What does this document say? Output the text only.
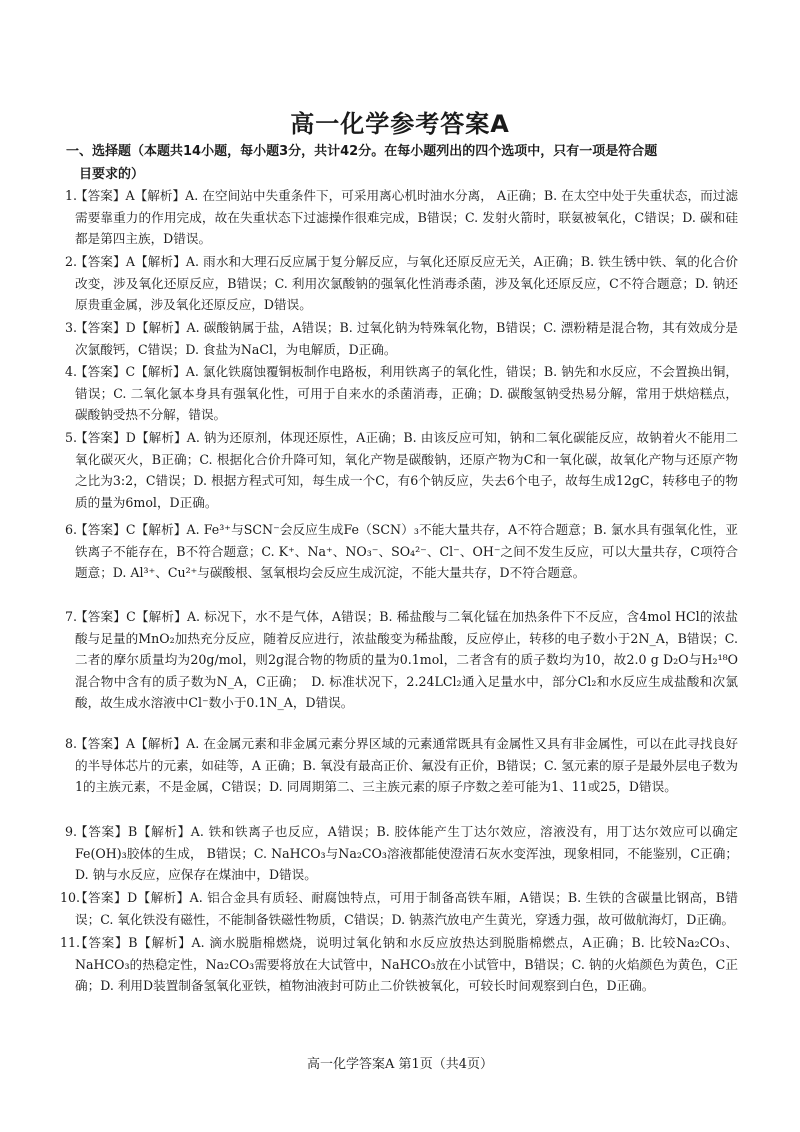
高一化学参考答案A
一、选择题（本题共14小题，每小题3分，共计42分。在每小题列出的四个选项中，只有一项是符合题
目要求的）
1.
【答案】A【解析】A. 在空间站中失重条件下，可采用离心机时油水分离， A正确；B. 在太空中处于失重状态，而过滤需要靠重力的作用完成，故在失重状态下过滤操作很难完成，B错误；C. 发射火箭时，联氨被氧化，C错误；D. 碳和硅都是第四主族，D错误。
2.
【答案】A【解析】A. 雨水和大理石反应属于复分解反应，与氧化还原反应无关，A正确；B. 铁生锈中铁、氧的化合价改变，涉及氧化还原反应，B错误；C. 利用次氯酸钠的强氧化性消毒杀菌，涉及氧化还原反应，C不符合题意；D. 钠还原贵重金属，涉及氧化还原反应，D错误。
3.
【答案】D【解析】A. 碳酸钠属于盐，A错误；B. 过氧化钠为特殊氧化物，B错误；C. 漂粉精是混合物，其有效成分是次氯酸钙，C错误；D. 食盐为NaCl，为电解质，D正确。
4.
【答案】C【解析】A. 氯化铁腐蚀覆铜板制作电路板，利用铁离子的氧化性，错误；B. 钠先和水反应，不会置换出铜，错误；C. 二氧化氯本身具有强氧化性，可用于自来水的杀菌消毒，正确；D. 碳酸氢钠受热易分解，常用于烘焙糕点，碳酸钠受热不分解，错误。
5.
【答案】D【解析】A. 钠为还原剂，体现还原性，A正确；B. 由该反应可知，钠和二氧化碳能反应，故钠着火不能用二氧化碳灭火，B正确；C. 根据化合价升降可知，氧化产物是碳酸钠，还原产物为C和一氧化碳，故氧化产物与还原产物之比为3:2，C错误；D. 根据方程式可知，每生成一个C，有6个钠反应，失去6个电子，故每生成12gC，转移电子的物质的量为6mol，D正确。
6.
【答案】C【解析】A. Fe³⁺与SCN⁻会反应生成Fe（SCN）₃不能大量共存，A不符合题意；B. 氯水具有强氧化性，亚铁离子不能存在，B不符合题意；C. K⁺、Na⁺、NO₃⁻、SO₄²⁻、Cl⁻、OH⁻之间不发生反应，可以大量共存，C项符合题意；D. Al³⁺、Cu²⁺与碳酸根、氢氧根均会反应生成沉淀，不能大量共存，D不符合题意。
7.
【答案】C【解析】A. 标况下，水不是气体，A错误；B. 稀盐酸与二氧化锰在加热条件下不反应，含4mol HCl的浓盐酸与足量的MnO₂加热充分反应，随着反应进行，浓盐酸变为稀盐酸，反应停止，转移的电子数小于2N_A，B错误；C. 二者的摩尔质量均为20g/mol，则2g混合物的物质的量为0.1mol，二者含有的质子数均为10，故2.0 g D₂O与H₂¹⁸O混合物中含有的质子数为N_A，C正确；　D. 标准状况下，2.24LCl₂通入足量水中，部分Cl₂和水反应生成盐酸和次氯酸，故生成水溶液中Cl⁻数小于0.1N_A，D错误。
8.
【答案】A【解析】A. 在金属元素和非金属元素分界区域的元素通常既具有金属性又具有非金属性，可以在此寻找良好的半导体芯片的元素，如硅等，A 正确；B. 氧没有最高正价、氟没有正价，B错误；C. 氢元素的原子是最外层电子数为1的主族元素，不是金属，C错误；D. 同周期第二、三主族元素的原子序数之差可能为1、11或25，D错误。
9.
【答案】B【解析】A. 铁和铁离子也反应，A错误；B. 胶体能产生丁达尔效应，溶液没有，用丁达尔效应可以确定Fe(OH)₃胶体的生成， B错误；C. NaHCO₃与Na₂CO₃溶液都能使澄清石灰水变浑浊，现象相同，不能鉴别，C正确；D. 钠与水反应，应保存在煤油中，D错误。
10.
【答案】D【解析】A. 铝合金具有质轻、耐腐蚀特点，可用于制备高铁车厢，A错误；B. 生铁的含碳量比钢高，B错误；C. 氧化铁没有磁性，不能制备铁磁性物质，C错误；D. 钠蒸汽放电产生黄光，穿透力强，故可做航海灯，D正确。
11.
【答案】B【解析】A. 滴水脱脂棉燃烧，说明过氧化钠和水反应放热达到脱脂棉燃点，A正确；B. 比较Na₂CO₃、NaHCO₃的热稳定性，Na₂CO₃需要将放在大试管中，NaHCO₃放在小试管中，B错误；C. 钠的火焰颜色为黄色，C正确；D. 利用D装置制备氢氧化亚铁，植物油液封可防止二价铁被氧化，可较长时间观察到白色，D正确。
高一化学答案A 第1页（共4页）
